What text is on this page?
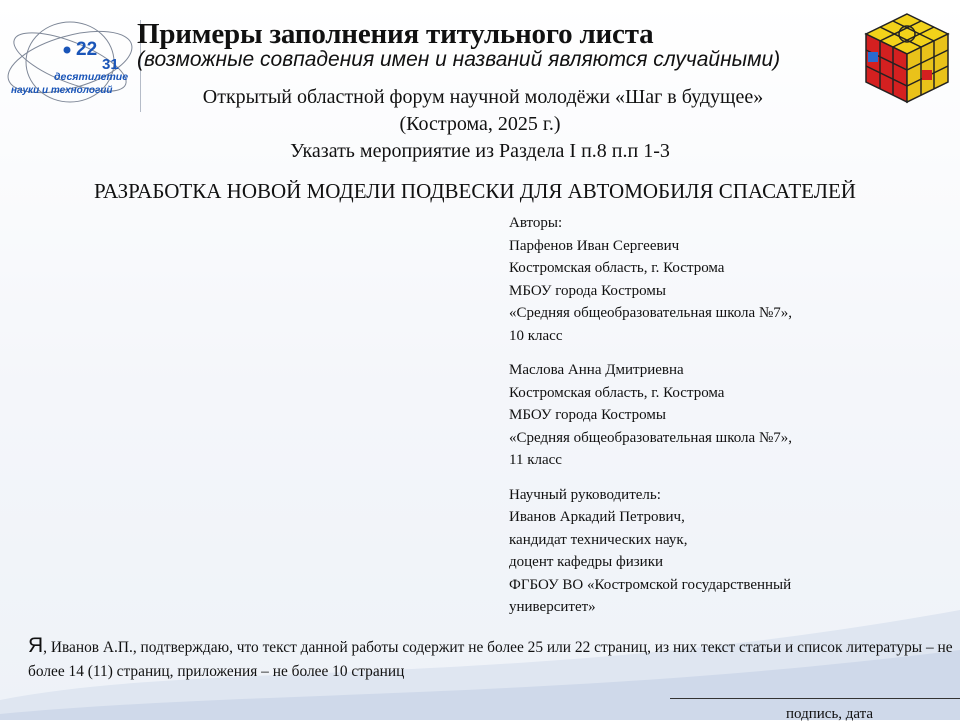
22
31
десятилетие
науки и технологий
Примеры заполнения титульного листа
(возможные совпадения имен и названий являются случайными)
Открытый областной форум научной молодёжи «Шаг в будущее»
(Кострома, 2025 г.)
Указать мероприятие из Раздела I п.8 п.п 1-3
РАЗРАБОТКА НОВОЙ МОДЕЛИ ПОДВЕСКИ ДЛЯ АВТОМОБИЛЯ СПАСАТЕЛЕЙ
Авторы:
Парфенов Иван Сергеевич
Костромская область, г. Кострома
МБОУ города Костромы
«Средняя общеобразовательная школа №7»,
10 класс
Маслова Анна Дмитриевна
Костромская область, г. Кострома
МБОУ города Костромы
«Средняя общеобразовательная школа №7»,
11 класс
Научный руководитель:
Иванов Аркадий Петрович,
кандидат технических наук,
доцент кафедры физики
ФГБОУ ВО «Костромской государственный
университет»
Я, Иванов А.П., подтверждаю, что текст данной работы содержит не более 25 или 22 страниц, из них текст статьи и список литературы – не более 14 (11) страниц, приложения – не более 10 страниц
подпись, дата
